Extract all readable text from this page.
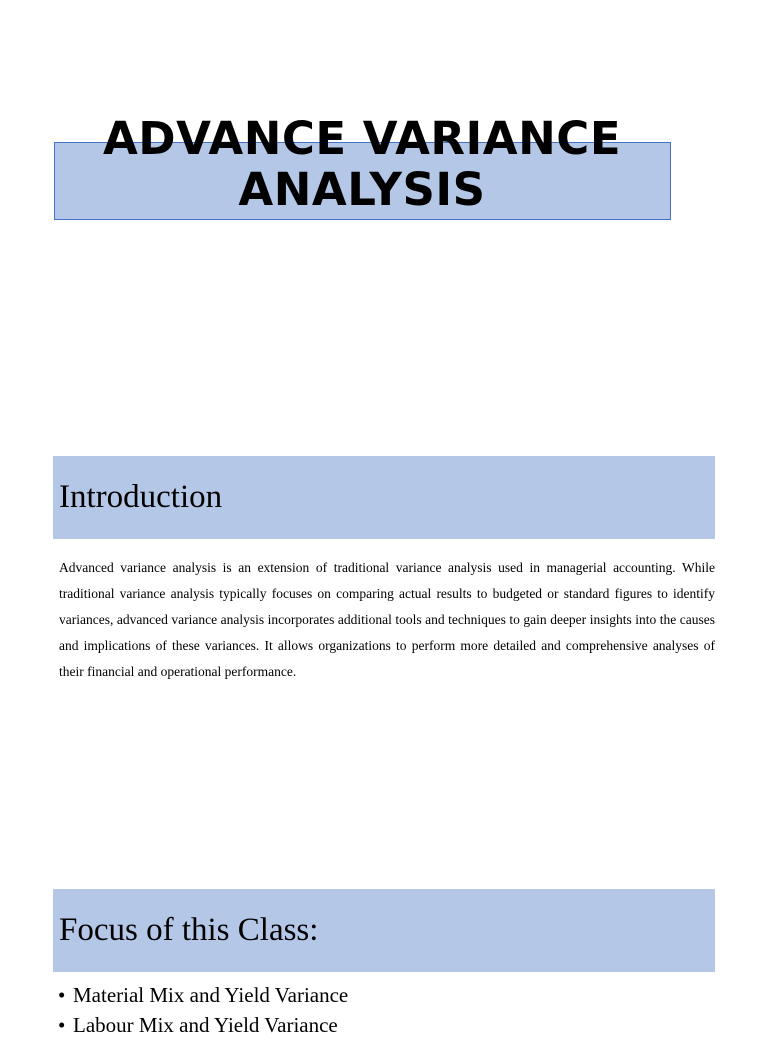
ADVANCE VARIANCE ANALYSIS
Introduction

Advanced variance analysis is an extension of traditional variance analysis used in managerial accounting. While traditional variance analysis typically focuses on comparing actual results to budgeted or standard figures to identify variances, advanced variance analysis incorporates additional tools and techniques to gain deeper insights into the causes and implications of these variances. It allows organizations to perform more detailed and comprehensive analyses of their financial and operational performance.

Focus of this Class:
• Material Mix and Yield Variance
• Labour Mix and Yield Variance
